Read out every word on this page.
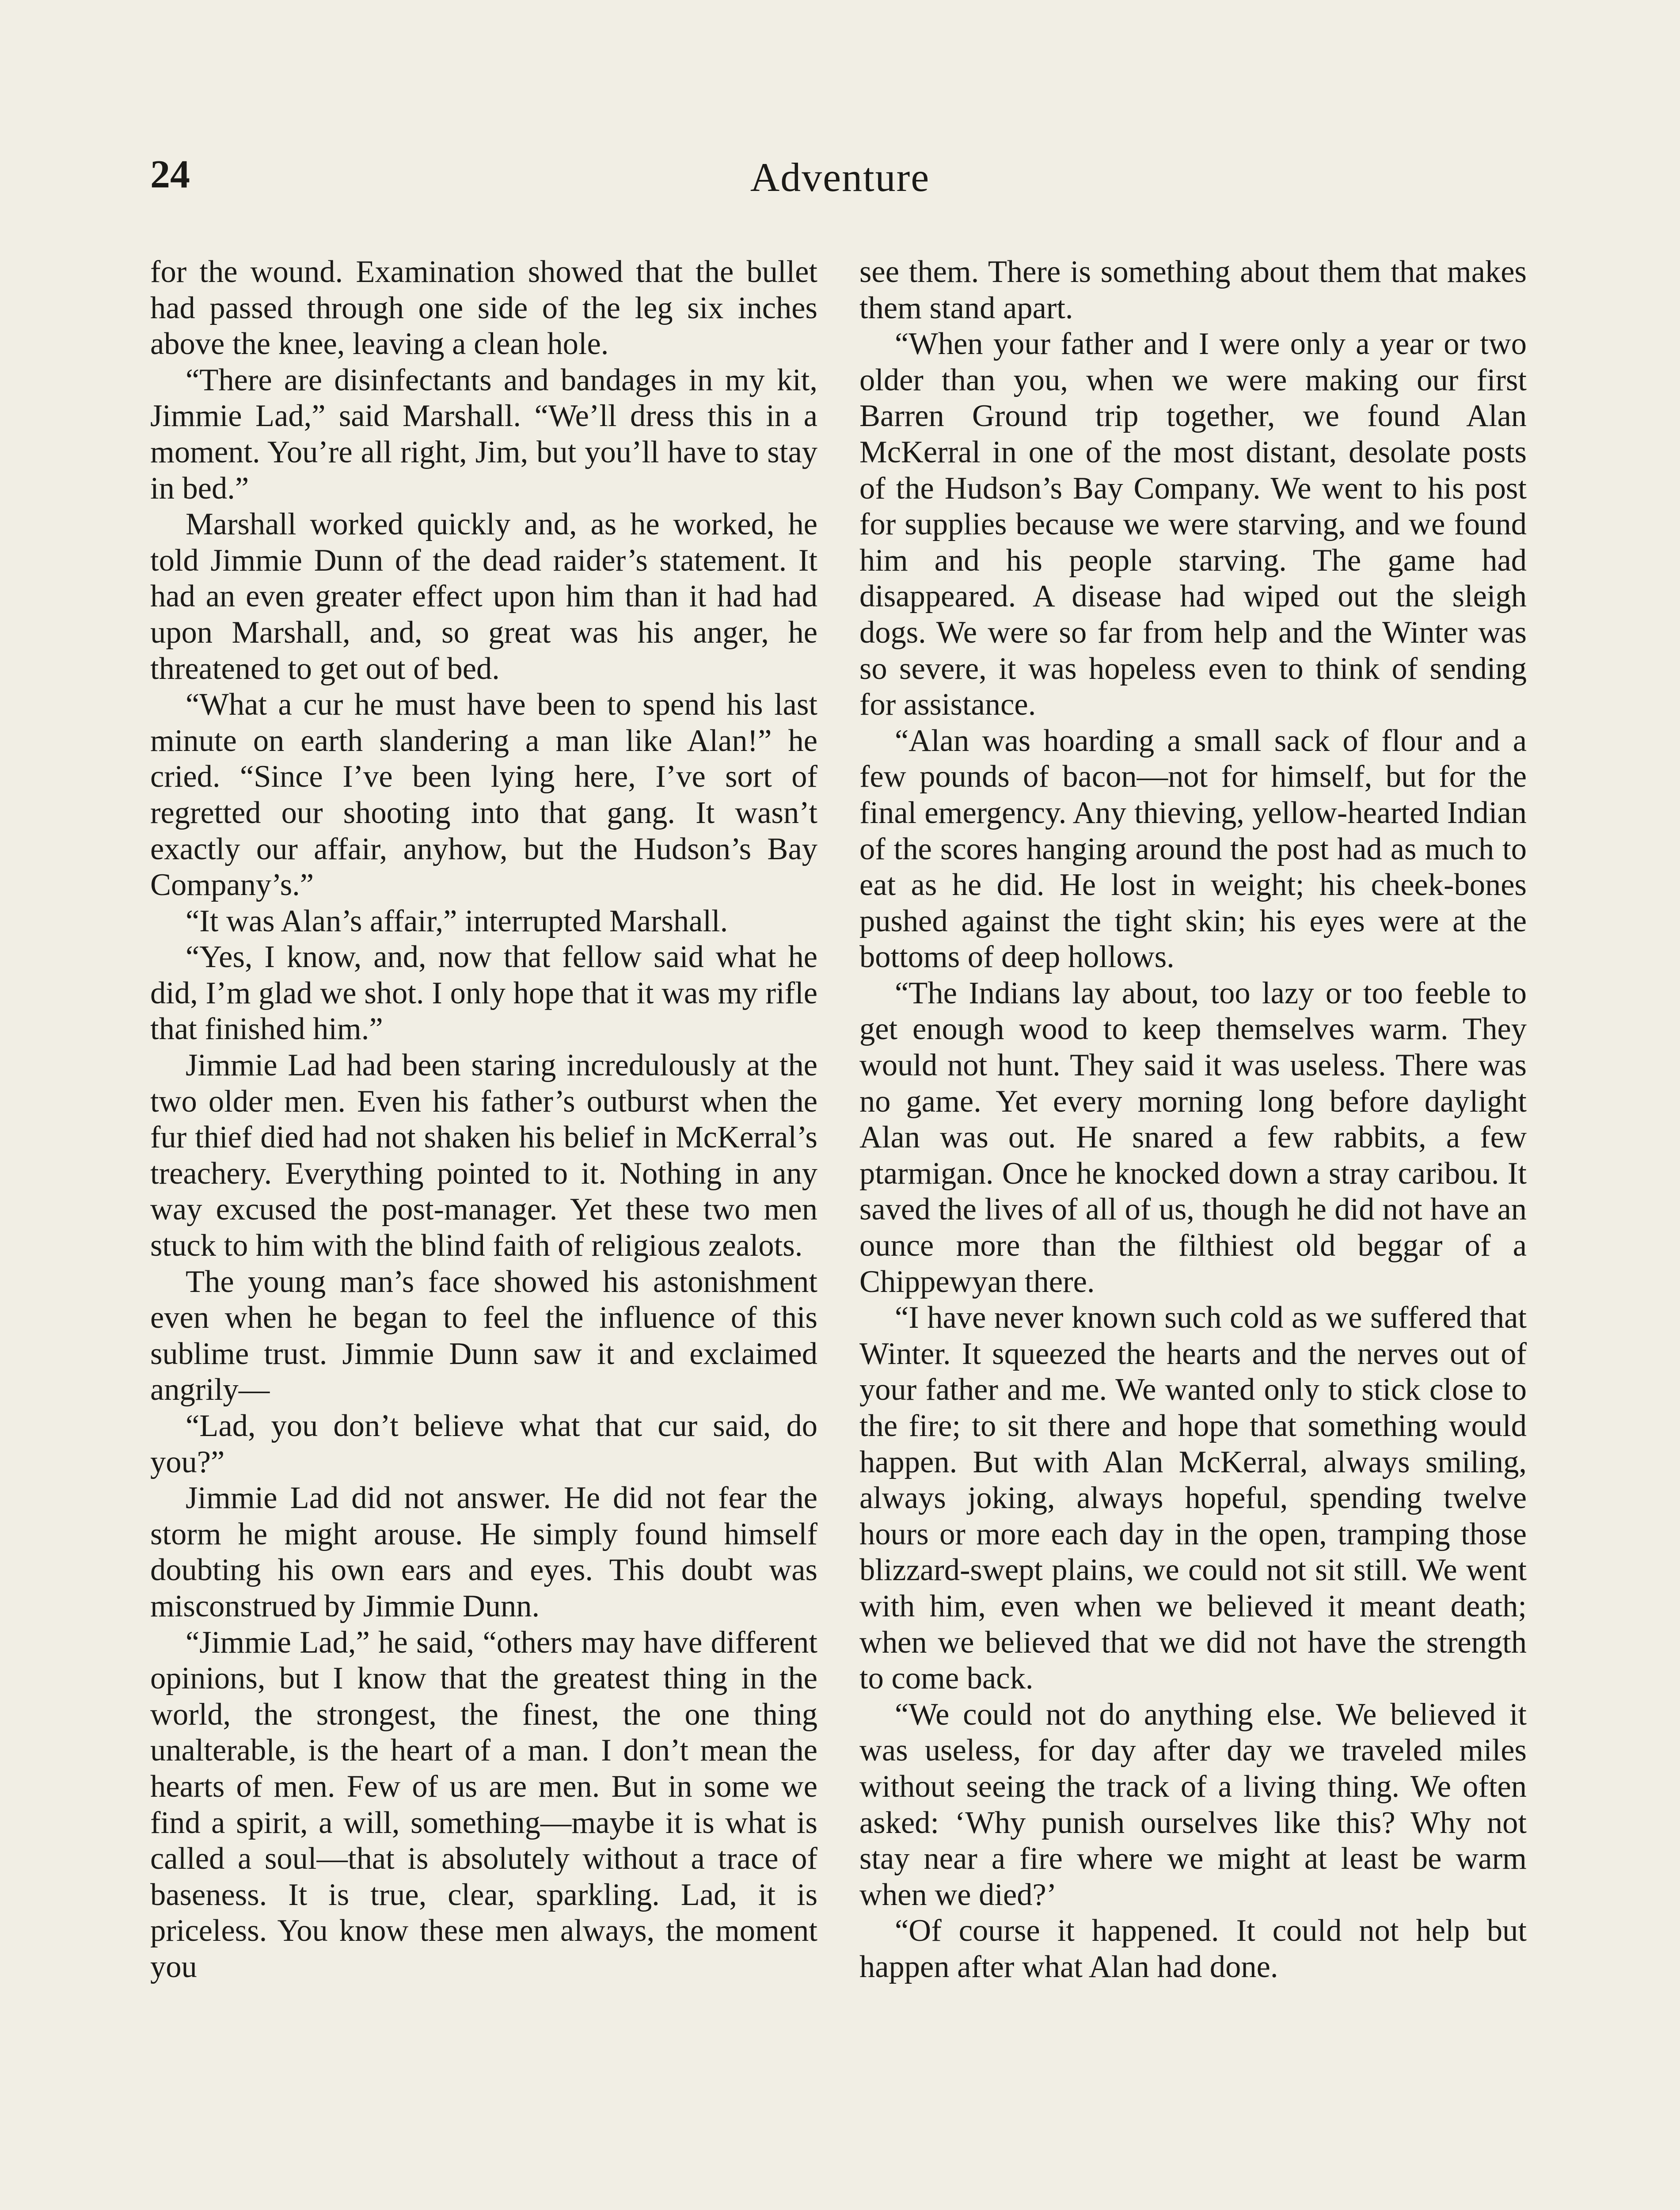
24	Adventure

for the wound. Examination showed that the bullet had passed through one side of the leg six inches above the knee, leaving a clean hole.

“There are disinfectants and bandages in my kit, Jimmie Lad,” said Marshall. “We’ll dress this in a moment. You’re all right, Jim, but you’ll have to stay in bed.”

Marshall worked quickly and, as he worked, he told Jimmie Dunn of the dead raider’s statement. It had an even greater effect upon him than it had had upon Marshall, and, so great was his anger, he threatened to get out of bed.

“What a cur he must have been to spend his last minute on earth slandering a man like Alan!” he cried. “Since I’ve been lying here, I’ve sort of regretted our shooting into that gang. It wasn’t exactly our affair, anyhow, but the Hudson’s Bay Company’s.”

“It was Alan’s affair,” interrupted Marshall.

“Yes, I know, and, now that fellow said what he did, I’m glad we shot. I only hope that it was my rifle that finished him.”

Jimmie Lad had been staring incredulously at the two older men. Even his father’s outburst when the fur thief died had not shaken his belief in McKerral’s treachery. Everything pointed to it. Nothing in any way excused the post-manager. Yet these two men stuck to him with the blind faith of religious zealots.

The young man’s face showed his astonishment even when he began to feel the influence of this sublime trust. Jimmie Dunn saw it and exclaimed angrily—

“Lad, you don’t believe what that cur said, do you?”

Jimmie Lad did not answer. He did not fear the storm he might arouse. He simply found himself doubting his own ears and eyes. This doubt was misconstrued by Jimmie Dunn.

“Jimmie Lad,” he said, “others may have different opinions, but I know that the greatest thing in the world, the strongest, the finest, the one thing unalterable, is the heart of a man. I don’t mean the hearts of men. Few of us are men. But in some we find a spirit, a will, something—maybe it is what is called a soul—that is absolutely without a trace of baseness. It is true, clear, sparkling. Lad, it is priceless. You know these men always, the moment you

see them. There is something about them that makes them stand apart.

“When your father and I were only a year or two older than you, when we were making our first Barren Ground trip together, we found Alan McKerral in one of the most distant, desolate posts of the Hudson’s Bay Company. We went to his post for supplies because we were starving, and we found him and his people starving. The game had disappeared. A disease had wiped out the sleigh dogs. We were so far from help and the Winter was so severe, it was hopeless even to think of sending for assistance.

“Alan was hoarding a small sack of flour and a few pounds of bacon—not for himself, but for the final emergency. Any thieving, yellow-hearted Indian of the scores hanging around the post had as much to eat as he did. He lost in weight; his cheek-bones pushed against the tight skin; his eyes were at the bottoms of deep hollows.

“The Indians lay about, too lazy or too feeble to get enough wood to keep themselves warm. They would not hunt. They said it was useless. There was no game. Yet every morning long before daylight Alan was out. He snared a few rabbits, a few ptarmigan. Once he knocked down a stray caribou. It saved the lives of all of us, though he did not have an ounce more than the filthiest old beggar of a Chippewyan there.

“I have never known such cold as we suffered that Winter. It squeezed the hearts and the nerves out of your father and me. We wanted only to stick close to the fire; to sit there and hope that something would happen. But with Alan McKerral, always smiling, always joking, always hopeful, spending twelve hours or more each day in the open, tramping those blizzard-swept plains, we could not sit still. We went with him, even when we believed it meant death; when we believed that we did not have the strength to come back.

“We could not do anything else. We believed it was useless, for day after day we traveled miles without seeing the track of a living thing. We often asked: ‘Why punish ourselves like this? Why not stay near a fire where we might at least be warm when we died?’

“Of course it happened. It could not help but happen after what Alan had done.
